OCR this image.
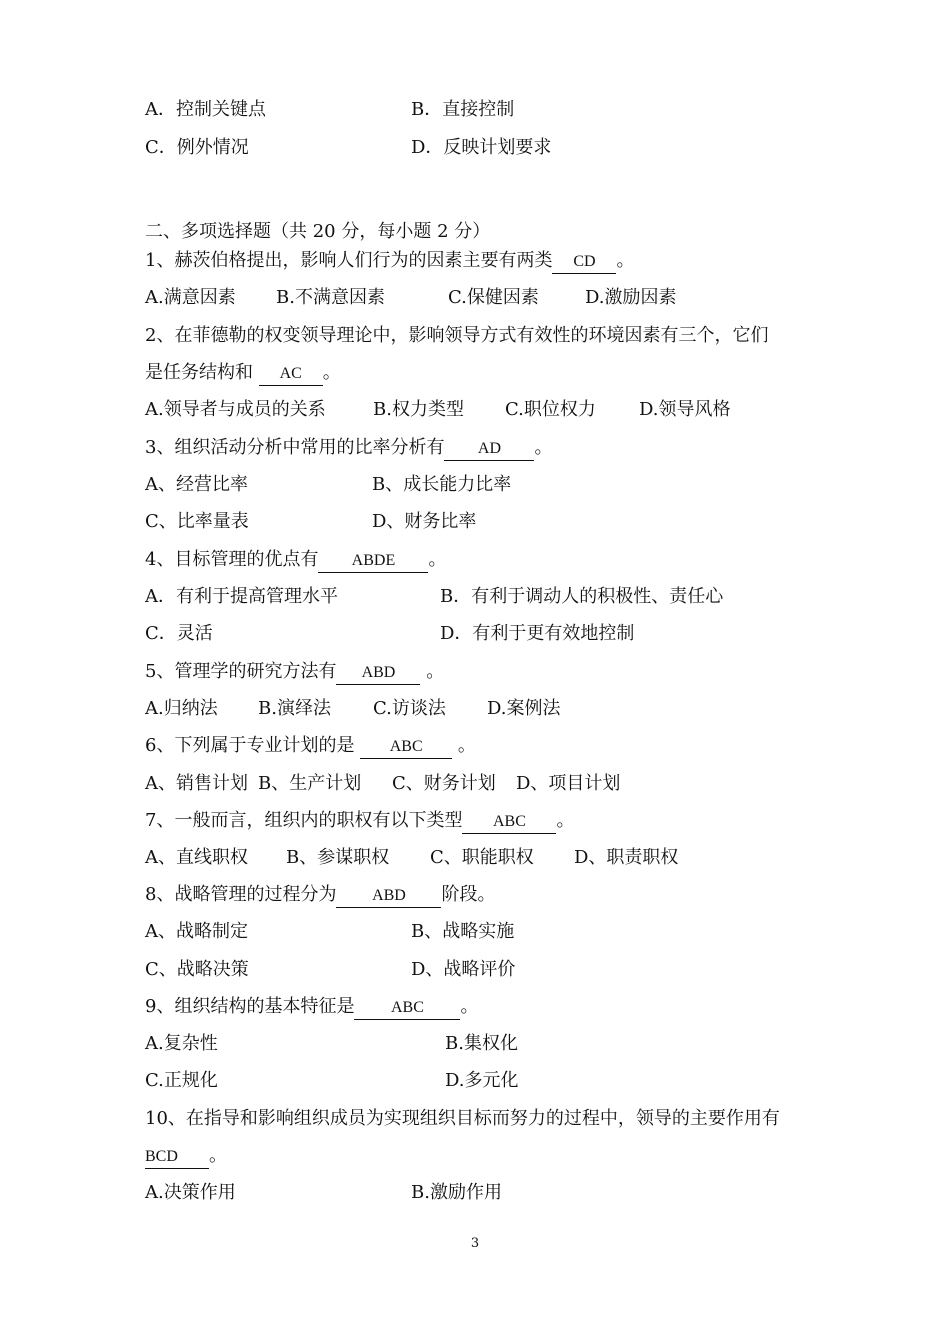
A．控制关键点	B．直接控制
C．例外情况	D．反映计划要求
二、多项选择题（共 20 分，每小题 2 分）
1、赫茨伯格提出，影响人们行为的因素主要有两类 CD 。
A.满意因素 B.不满意因素	C.保健因素	D.激励因素
2、在菲德勒的权变领导理论中，影响领导方式有效性的环境因素有三个，它们
是任务结构和 AC 。
A.领导者与成员的关系	B.权力类型 C.职位权力 D.领导风格
3、组织活动分析中常用的比率分析有 AD 。
A、经营比率	B、成长能力比率
C、比率量表	D、财务比率
4、目标管理的优点有 ABDE 。
A．有利于提高管理水平	B．有利于调动人的积极性、责任心
C．灵活	D．有利于更有效地控制
5、管理学的研究方法有 ABD 。
A.归纳法 B.演绎法 C.访谈法 D.案例法
6、下列属于专业计划的是 ABC 。
A、销售计划 B、生产计划 C、财务计划 D、项目计划
7、一般而言，组织内的职权有以下类型 ABC 。
A、直线职权 B、参谋职权 C、职能职权 D、职责职权
8、战略管理的过程分为 ABD 阶段。
A、战略制定	B、战略实施
C、战略决策	D、战略评价
9、组织结构的基本特征是 ABC 。
A.复杂性	B.集权化
C.正规化	D.多元化
10、在指导和影响组织成员为实现组织目标而努力的过程中，领导的主要作用有
BCD 。
A.决策作用	B.激励作用
3
